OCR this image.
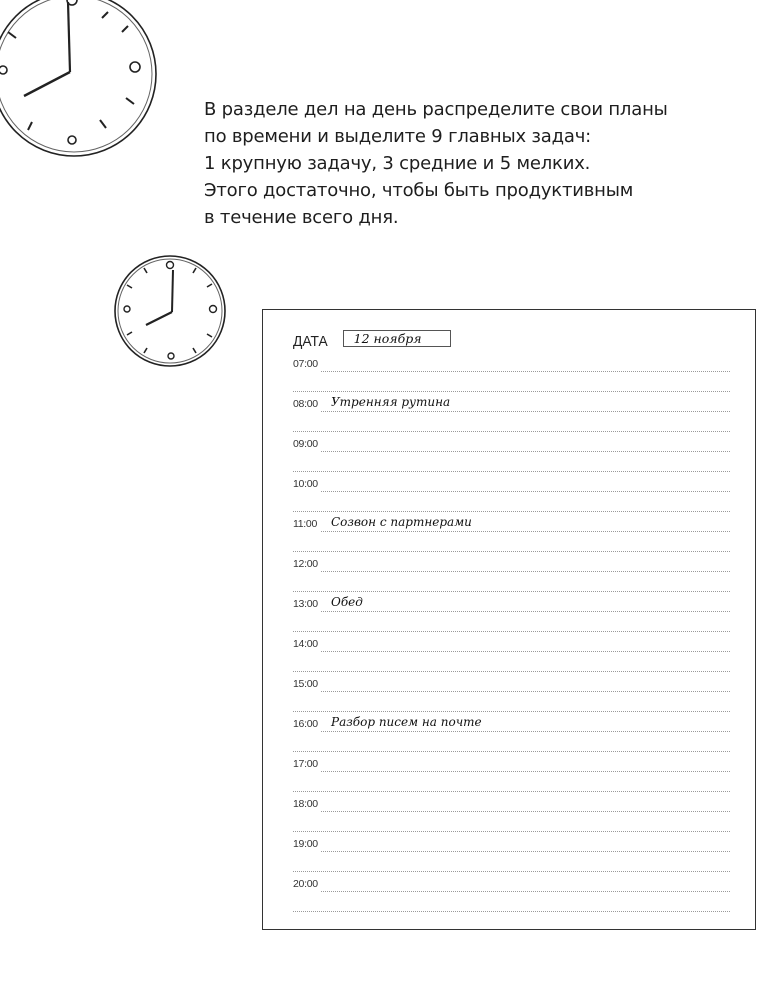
В разделе дел на день распределите свои планы

по времени и выделите 9 главных задач:

1 крупную задачу, 3 средние и 5 мелких.

Этого достаточно, чтобы быть продуктивным

в течение всего дня.

ДАТА	12 ноября
07:00
08:00 Утренняя рутина
09:00
10:00
11:00 Созвон с партнерами
12:00
13:00 Обед
14:00
15:00
16:00 Разбор писем на почте
17:00
18:00
19:00
20:00
